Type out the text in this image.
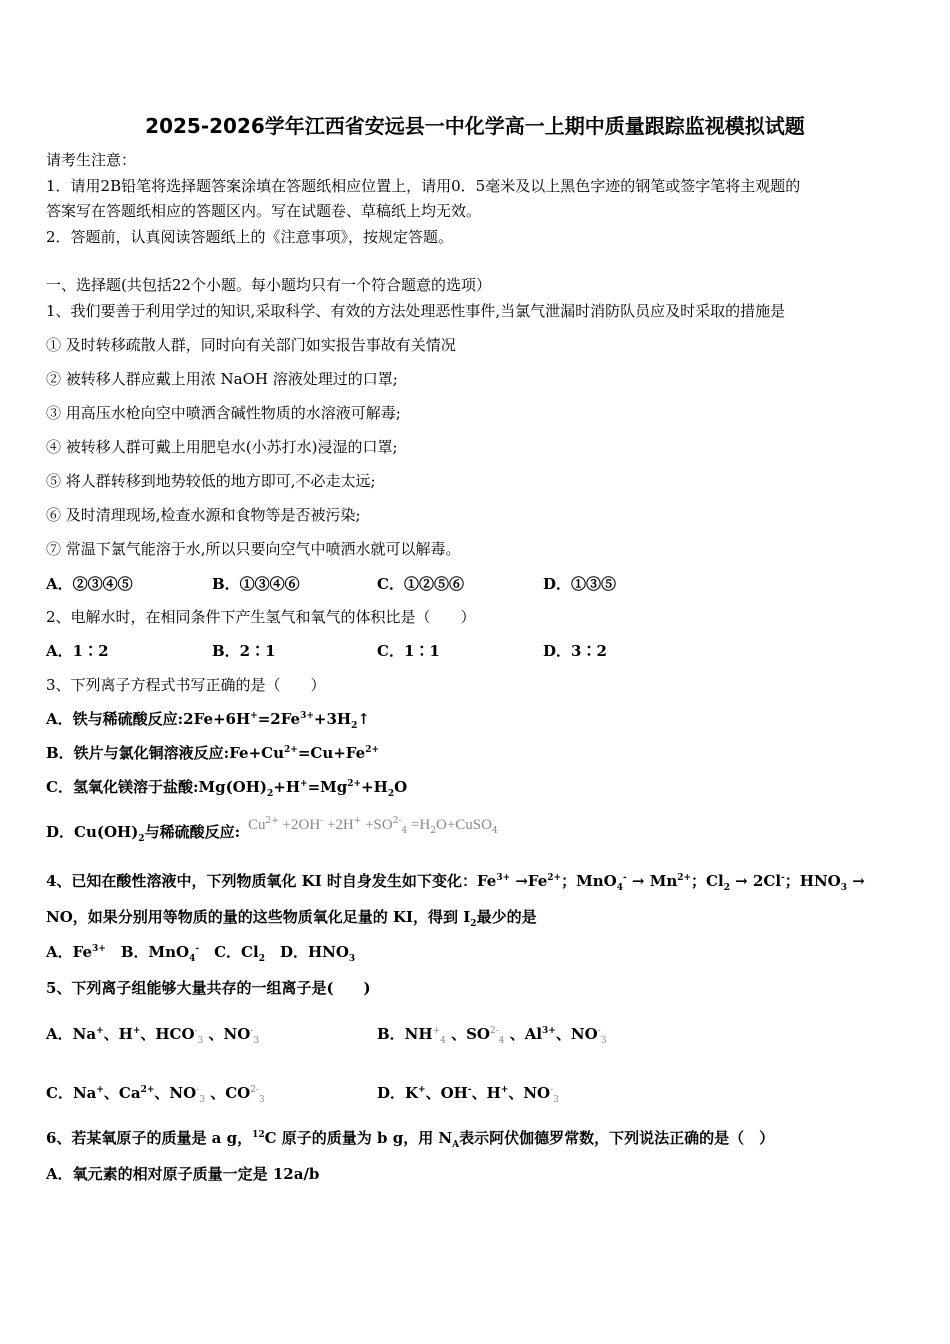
2025-2026学年江西省安远县一中化学高一上期中质量跟踪监视模拟试题
请考生注意：
1．请用2B铅笔将选择题答案涂填在答题纸相应位置上，请用0．5毫米及以上黑色字迹的钢笔或签字笔将主观题的
答案写在答题纸相应的答题区内。写在试题卷、草稿纸上均无效。
2．答题前，认真阅读答题纸上的《注意事项》，按规定答题。
一、选择题(共包括22个小题。每小题均只有一个符合题意的选项）
1、我们要善于利用学过的知识,采取科学、有效的方法处理恶性事件,当氯气泄漏时消防队员应及时采取的措施是
① 及时转移疏散人群，同时向有关部门如实报告事故有关情况
② 被转移人群应戴上用浓 NaOH 溶液处理过的口罩;
③ 用高压水枪向空中喷洒含碱性物质的水溶液可解毒;
④ 被转移人群可戴上用肥皂水(小苏打水)浸湿的口罩;
⑤ 将人群转移到地势较低的地方即可,不必走太远;
⑥ 及时清理现场,检查水源和食物等是否被污染;
⑦ 常温下氯气能溶于水,所以只要向空气中喷洒水就可以解毒。
A．②③④⑤	B．①③④⑥	C．①②⑤⑥	D．①③⑤
2、电解水时，在相同条件下产生氢气和氧气的体积比是（　　）
A．1∶2	B．2∶1	C．1∶1	D．3∶2
3、下列离子方程式书写正确的是（　　）
A．铁与稀硫酸反应$:2Fe+6H^+=2Fe^{3+}+3H_2↑$
B．铁片与氯化铜溶液反应$:Fe+Cu^{2+}=Cu+Fe^{2+}$
C．氢氧化镁溶于盐酸$:Mg(OH)_2+H^+=Mg^{2+}+H_2O$
D．$Cu(OH)_2$与稀硫酸反应: $Cu^{2+} +2OH^- +2H^+ +SO^{2-}_4$ $=H_2O+CuSO_4$
4、已知在酸性溶液中，下列物质氧化 KI 时自身发生如下变化：$Fe^{3+} \to Fe^{2+}$；$MnO_4^- \to Mn^{2+}$；$Cl_2 \to 2Cl^-$；$HNO_3$ →
NO，如果分别用等物质的量的这些物质氧化足量的 KI，得到 $I_2$最少的是
A．$Fe^{3+}$　B．MnO$_4$-　C．$Cl_2$　D．$HNO_3$
5、下列离子组能够大量共存的一组离子是(　　)
A．Na+、H+、$HCO^-_3$ 、$NO^-_3$	B．$NH^+_4$ 、$SO^{2-}_4$ 、$Al^{3+}$、$NO^-_3$
C．Na+、$Ca^{2+}$、$NO^-_3$ 、$CO^{2-}_3$	D．K+、OH-、H+、$NO^-_3$
6、若某氧原子的质量是 a g，$^{12}$C 原子的质量为 b g，用 $N_A$表示阿伏伽德罗常数，下列说法正确的是（　）
A．氧元素的相对原子质量一定是 12a/b
